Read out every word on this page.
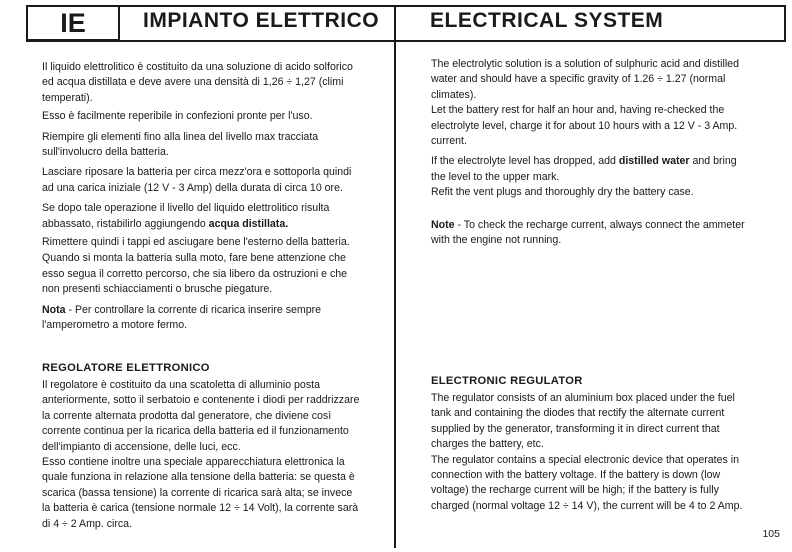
IE	IMPIANTO ELETTRICO ELECTRICAL SYSTEM

Il liquido elettrolitico è costituito da una soluzione di acido solforico ed acqua distillata e deve avere una densità di 1,26 ÷ 1,27 (climi temperati).

Esso è facilmente reperibile in confezioni pronte per l'uso.

Riempire gli elementi fino alla linea del livello max tracciata sull'involucro della batteria.

Lasciare riposare la batteria per circa mezz'ora e sottoporla quindi ad una carica iniziale (12 V - 3 Amp) della durata di circa 10 ore.

Se dopo tale operazione il livello del liquido elettrolitico risulta abbassato, ristabilirlo aggiungendo acqua distillata.

Rimettere quindi i tappi ed asciugare bene l'esterno della batteria.

Quando si monta la batteria sulla moto, fare bene attenzione che esso segua il corretto percorso, che sia libero da ostruzioni e che non presenti schiacciamenti o brusche piegature.

Nota - Per controllare la corrente di ricarica inserire sempre l'amperometro a motore fermo.

REGOLATORE ELETTRONICO

Il regolatore è costituito da una scatoletta di alluminio posta anteriormente, sotto il serbatoio e contenente i diodi per raddrizzare la corrente alternata prodotta dal generatore, che diviene così corrente continua per la ricarica della batteria ed il funzionamento dell'impianto di accensione, delle luci, ecc.

Esso contiene inoltre una speciale apparecchiatura elettronica la quale funziona in relazione alla tensione della batteria: se questa è scarica (bassa tensione) la corrente di ricarica sarà alta; se invece la batteria è carica (tensione normale 12 ÷ 14 Volt), la corrente sarà di 4 ÷ 2 Amp. circa.

The electrolytic solution is a solution of sulphuric acid and distilled water and should have a specific gravity of 1.26 ÷ 1.27 (normal climates).

Let the battery rest for half an hour and, having re-checked the electrolyte level, charge it for about 10 hours with a 12 V - 3 Amp. current.

If the electrolyte level has dropped, add distilled water and bring the level to the upper mark.

Refit the vent plugs and thoroughly dry the battery case.

Note - To check the recharge current, always connect the ammeter with the engine not running.

ELECTRONIC REGULATOR

The regulator consists of an aluminium box placed under the fuel tank and containing the diodes that rectify the alternate current supplied by the generator, transforming it in direct current that charges the battery, etc.

The regulator contains a special electronic device that operates in connection with the battery voltage. If the battery is down (low voltage) the recharge current will be high; if the battery is fully charged (normal voltage 12 ÷ 14 V), the current will be 4 to 2 Amp.

105
